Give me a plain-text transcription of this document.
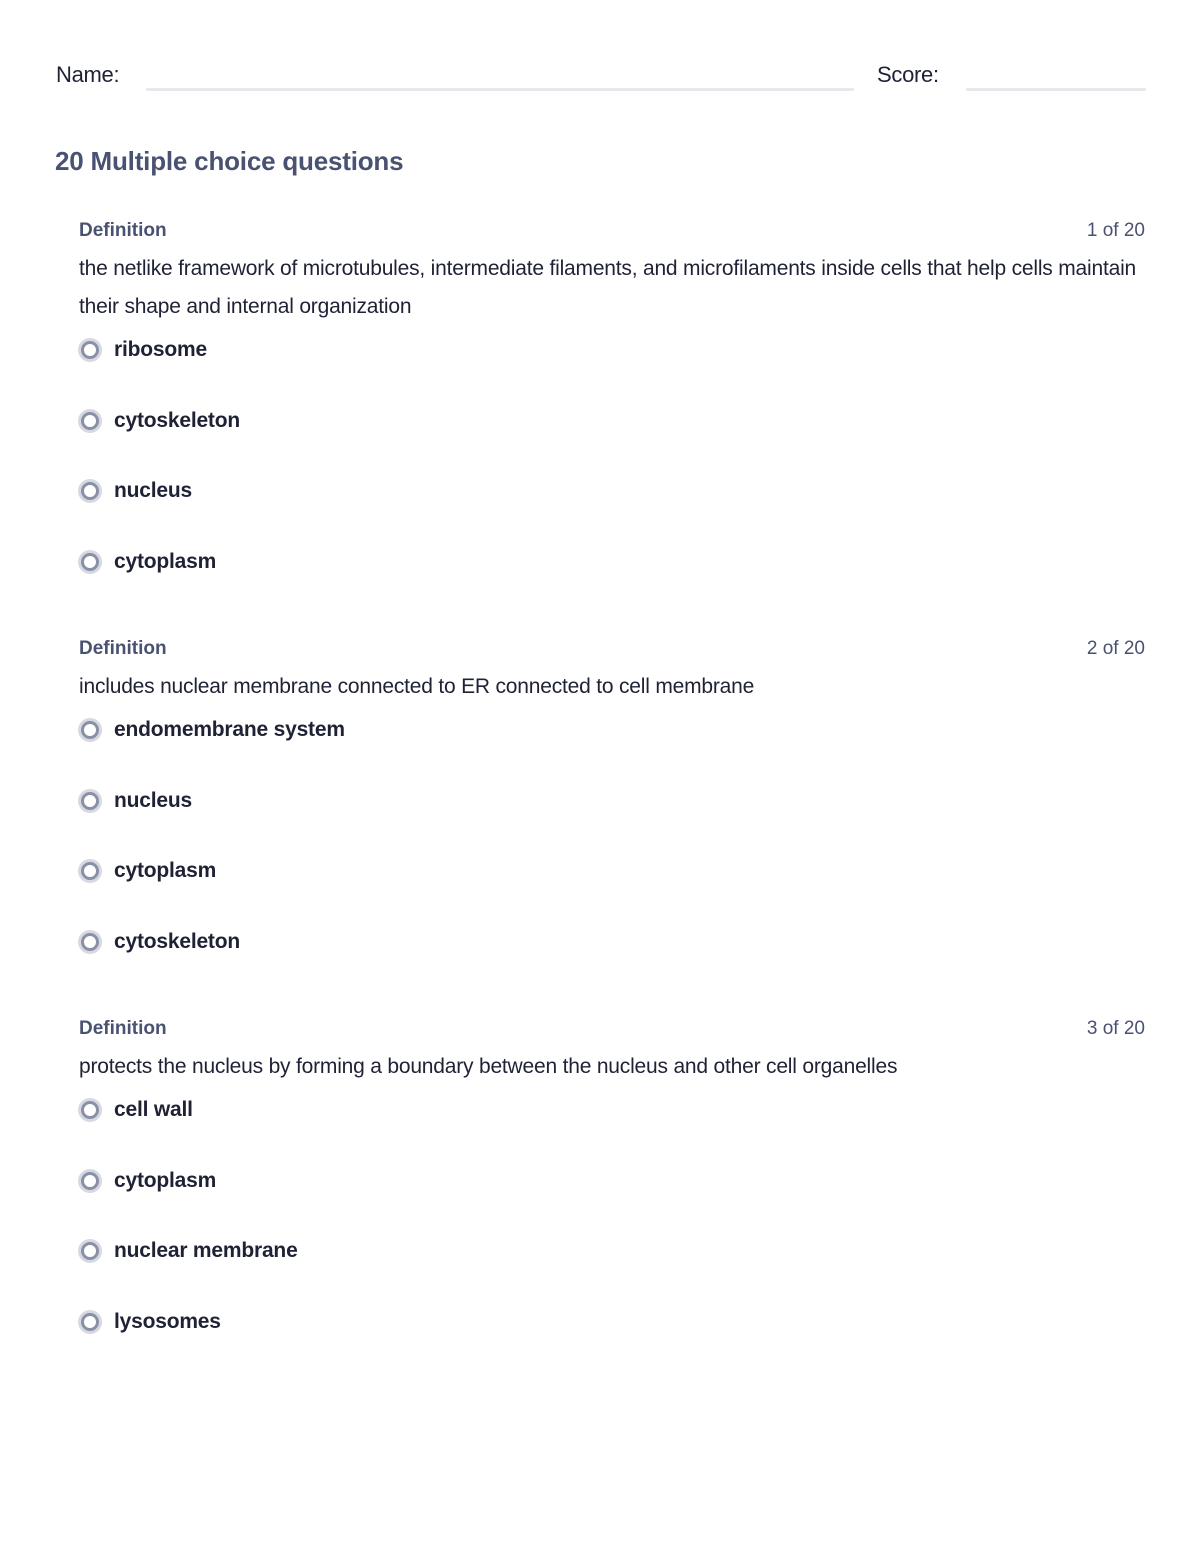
Name:	Score:
20 Multiple choice questions
Definition	1 of 20
the netlike framework of microtubules, intermediate filaments, and microfilaments inside cells that help cells maintain their shape and internal organization
ribosome
cytoskeleton
nucleus
cytoplasm
Definition	2 of 20
includes nuclear membrane connected to ER connected to cell membrane
endomembrane system
nucleus
cytoplasm
cytoskeleton
Definition	3 of 20
protects the nucleus by forming a boundary between the nucleus and other cell organelles
cell wall
cytoplasm
nuclear membrane
lysosomes
